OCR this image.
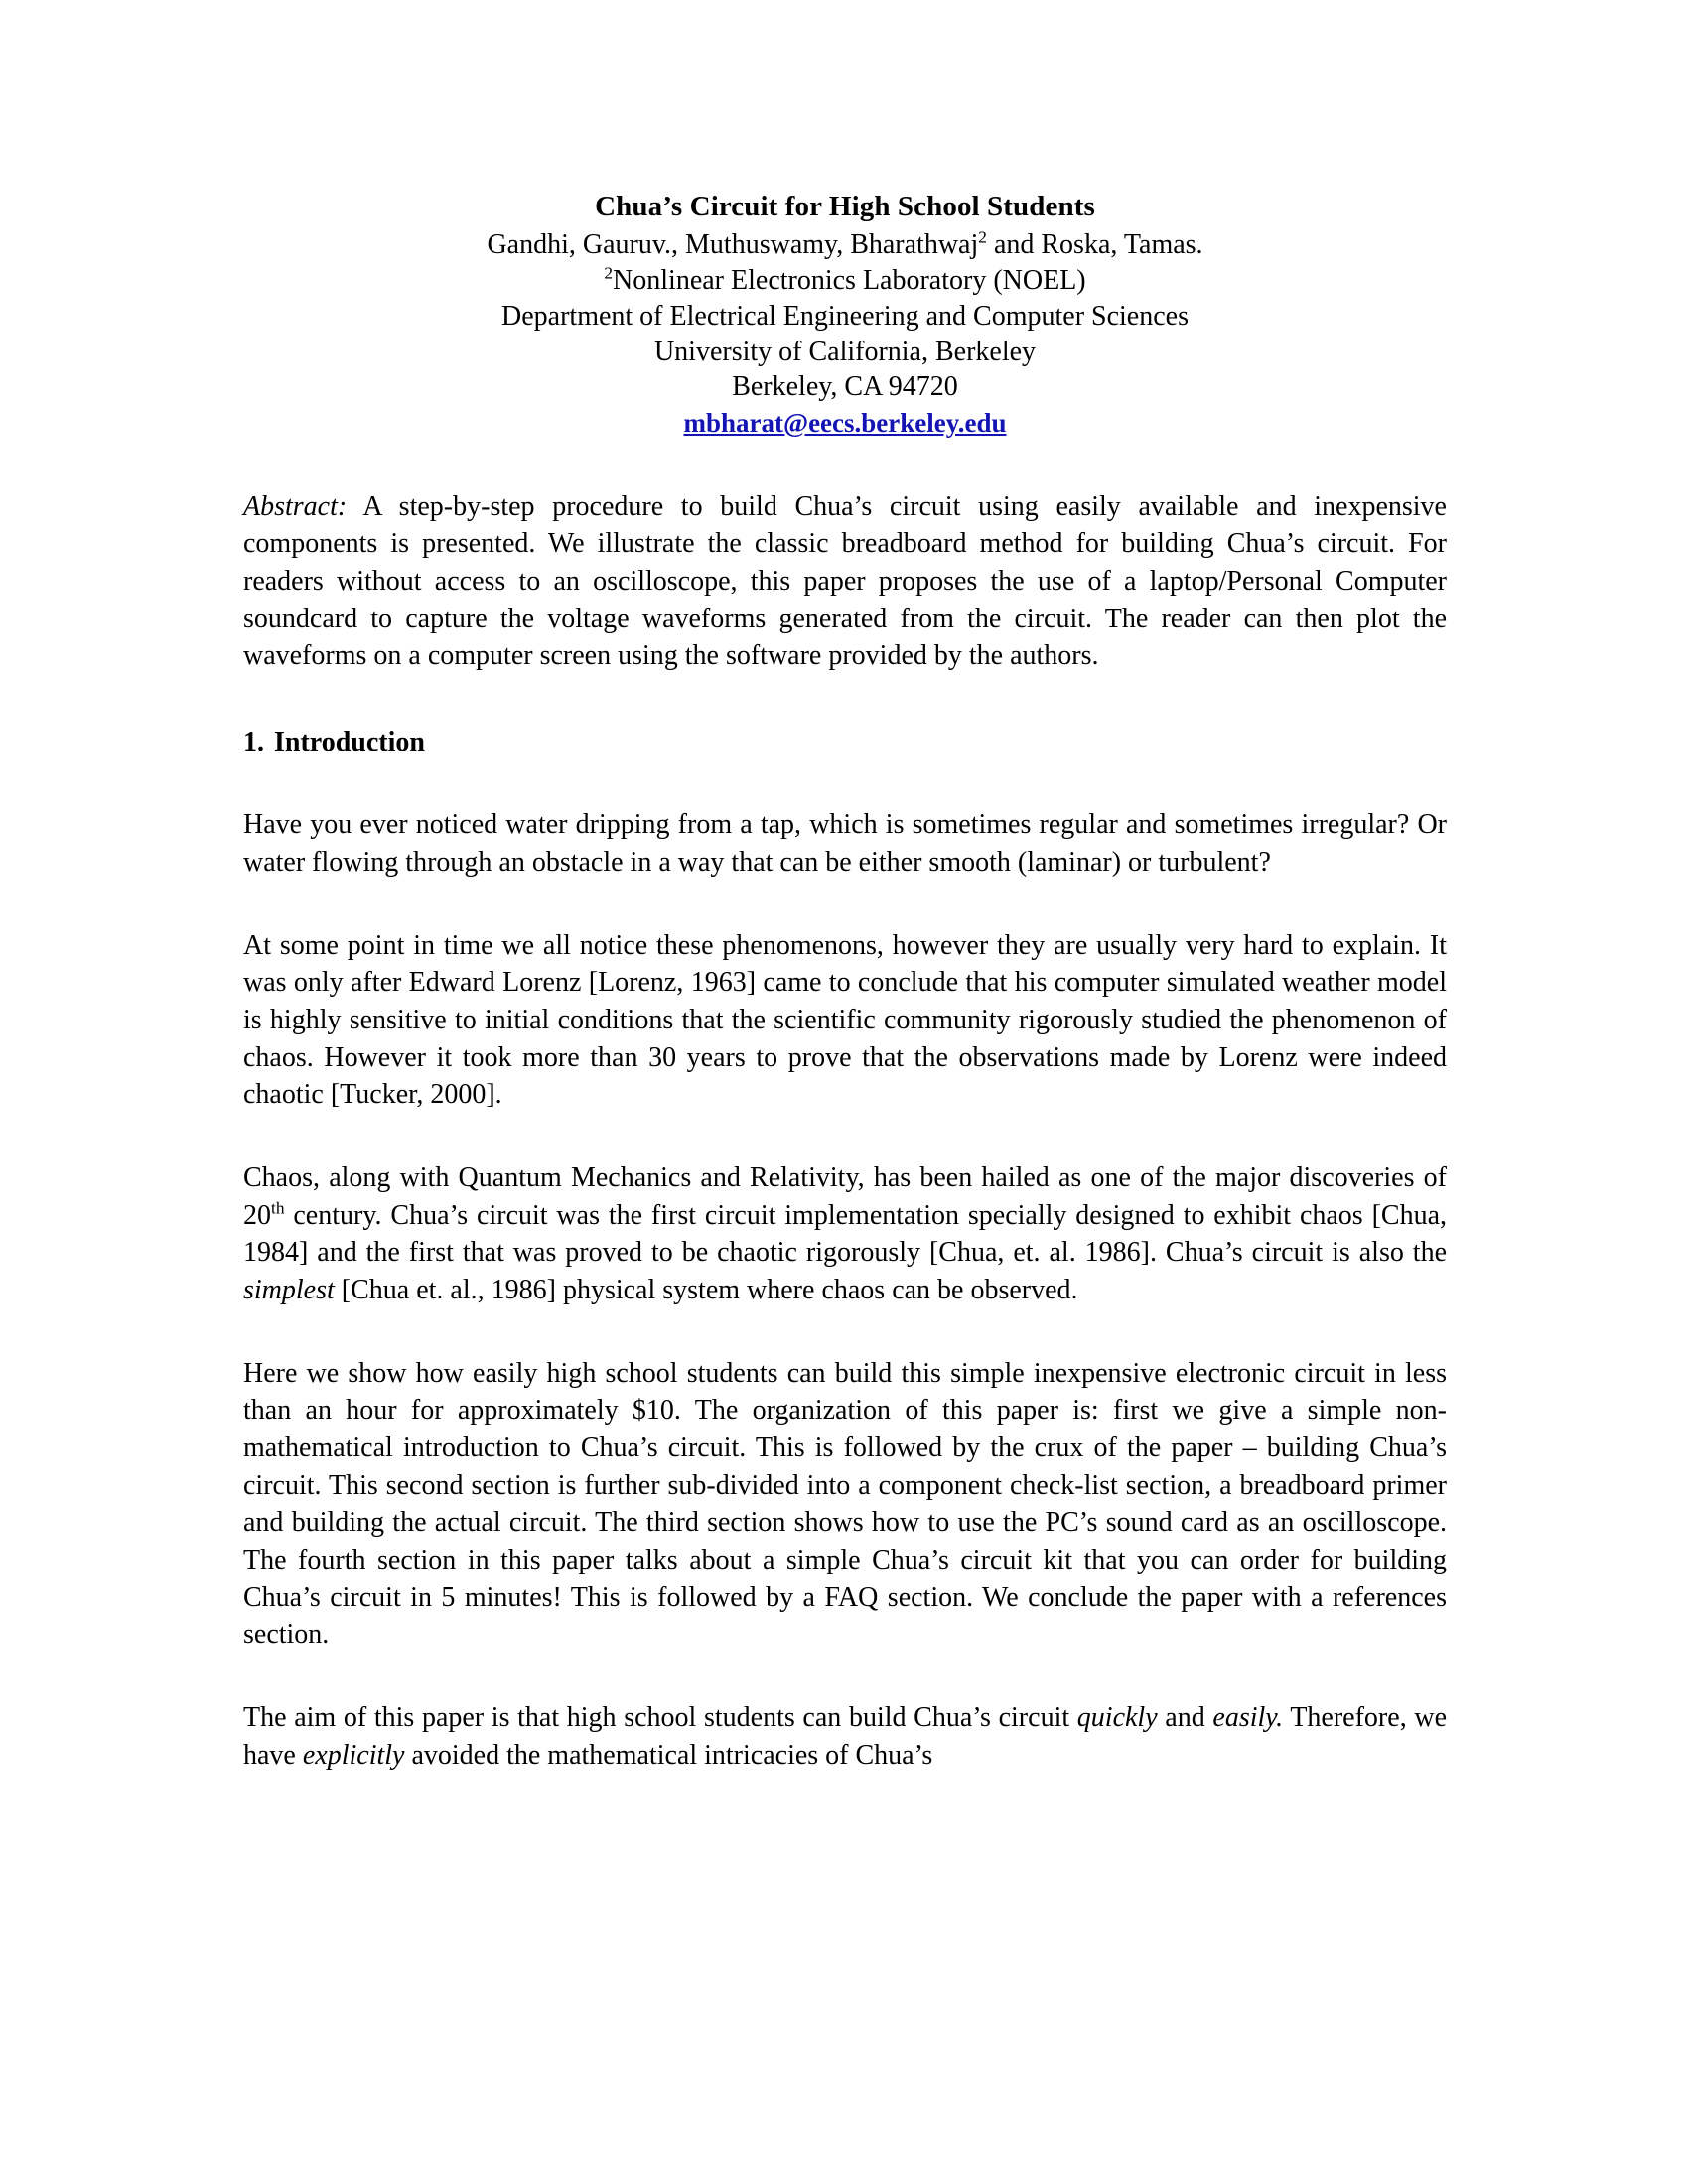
Chua’s Circuit for High School Students
Gandhi, Gauruv., Muthuswamy, Bharathwaj$^2$ and Roska, Tamas.
$^2$Nonlinear Electronics Laboratory (NOEL)
Department of Electrical Engineering and Computer Sciences
University of California, Berkeley
Berkeley, CA 94720
mbharat@eecs.berkeley.edu

Abstract: A step-by-step procedure to build Chua’s circuit using easily available and inexpensive components is presented. We illustrate the classic breadboard method for building Chua’s circuit. For readers without access to an oscilloscope, this paper proposes the use of a laptop/Personal Computer soundcard to capture the voltage waveforms generated from the circuit. The reader can then plot the waveforms on a computer screen using the software provided by the authors.

1. Introduction

Have you ever noticed water dripping from a tap, which is sometimes regular and sometimes irregular? Or water flowing through an obstacle in a way that can be either smooth (laminar) or turbulent?

At some point in time we all notice these phenomenons, however they are usually very hard to explain. It was only after Edward Lorenz [Lorenz, 1963] came to conclude that his computer simulated weather model is highly sensitive to initial conditions that the scientific community rigorously studied the phenomenon of chaos. However it took more than 30 years to prove that the observations made by Lorenz were indeed chaotic [Tucker, 2000].

Chaos, along with Quantum Mechanics and Relativity, has been hailed as one of the major discoveries of 20th century. Chua’s circuit was the first circuit implementation specially designed to exhibit chaos [Chua, 1984] and the first that was proved to be chaotic rigorously [Chua, et. al. 1986]. Chua’s circuit is also the simplest [Chua et. al., 1986] physical system where chaos can be observed.

Here we show how easily high school students can build this simple inexpensive electronic circuit in less than an hour for approximately $10. The organization of this paper is: first we give a simple non-mathematical introduction to Chua’s circuit. This is followed by the crux of the paper – building Chua’s circuit. This second section is further sub-divided into a component check-list section, a breadboard primer and building the actual circuit. The third section shows how to use the PC’s sound card as an oscilloscope. The fourth section in this paper talks about a simple Chua’s circuit kit that you can order for building Chua’s circuit in 5 minutes! This is followed by a FAQ section. We conclude the paper with a references section.

The aim of this paper is that high school students can build Chua’s circuit quickly and easily. Therefore, we have explicitly avoided the mathematical intricacies of Chua’s
